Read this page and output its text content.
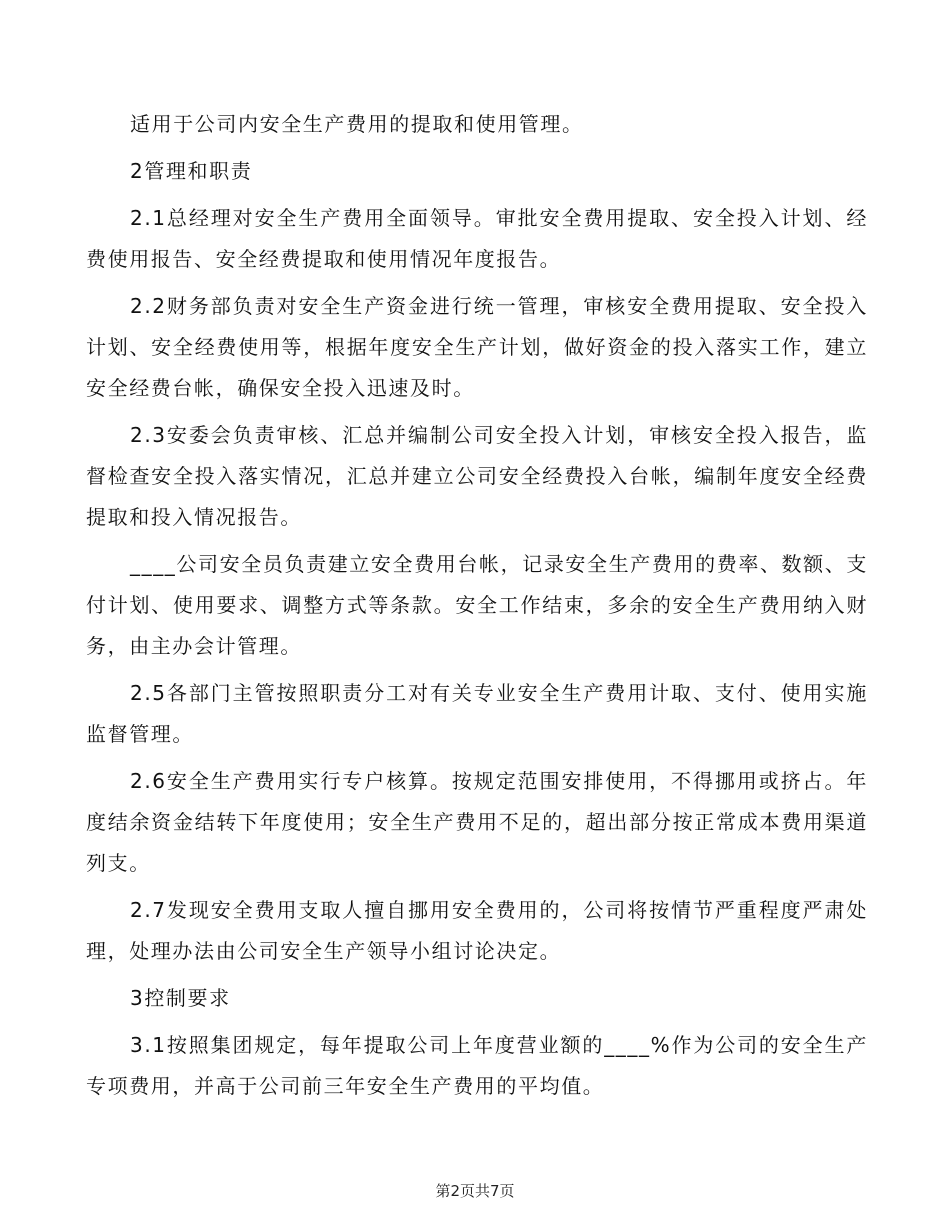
适用于公司内安全生产费用的提取和使用管理。

2管理和职责

2.1总经理对安全生产费用全面领导。审批安全费用提取、安全投入计划、经费使用报告、安全经费提取和使用情况年度报告。

2.2财务部负责对安全生产资金进行统一管理，审核安全费用提取、安全投入计划、安全经费使用等，根据年度安全生产计划，做好资金的投入落实工作，建立安全经费台帐，确保安全投入迅速及时。

2.3安委会负责审核、汇总并编制公司安全投入计划，审核安全投入报告，监督检查安全投入落实情况，汇总并建立公司安全经费投入台帐，编制年度安全经费提取和投入情况报告。

____公司安全员负责建立安全费用台帐，记录安全生产费用的费率、数额、支付计划、使用要求、调整方式等条款。安全工作结束，多余的安全生产费用纳入财务，由主办会计管理。

2.5各部门主管按照职责分工对有关专业安全生产费用计取、支付、使用实施监督管理。

2.6安全生产费用实行专户核算。按规定范围安排使用，不得挪用或挤占。年度结余资金结转下年度使用；安全生产费用不足的，超出部分按正常成本费用渠道列支。

2.7发现安全费用支取人擅自挪用安全费用的，公司将按情节严重程度严肃处理，处理办法由公司安全生产领导小组讨论决定。

3控制要求

3.1按照集团规定，每年提取公司上年度营业额的____%作为公司的安全生产专项费用，并高于公司前三年安全生产费用的平均值。

第2页共7页
